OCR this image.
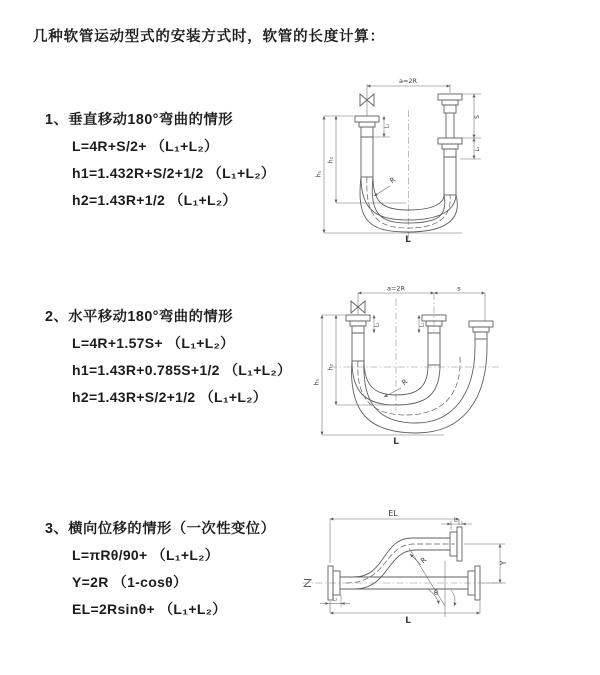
几种软管运动型式的安装方式时，软管的长度计算：
1、垂直移动180°弯曲的情形
L=4R+S/2+ （L₁+L₂）
h1=1.432R+S/2+1/2 （L₁+L₂）
h2=1.43R+1/2 （L₁+L₂）
2、水平移动180°弯曲的情形
L=4R+1.57S+ （L₁+L₂）
h1=1.43R+0.785S+1/2 （L₁+L₂）
h2=1.43R+S/2+1/2 （L₁+L₂）
3、横向位移的情形（一次性变位）
L=πRθ/90+ （L₁+L₂）
Y=2R （1-cosθ）
EL=2Rsinθ+ （L₁+L₂）
a=2R
S
L₂
h₁
h₂
L₁
R
L
a=2R	s
h₁
h₂
L₁	L₂
R
L
EL
L₁
Y
R
θ
L
L₂
